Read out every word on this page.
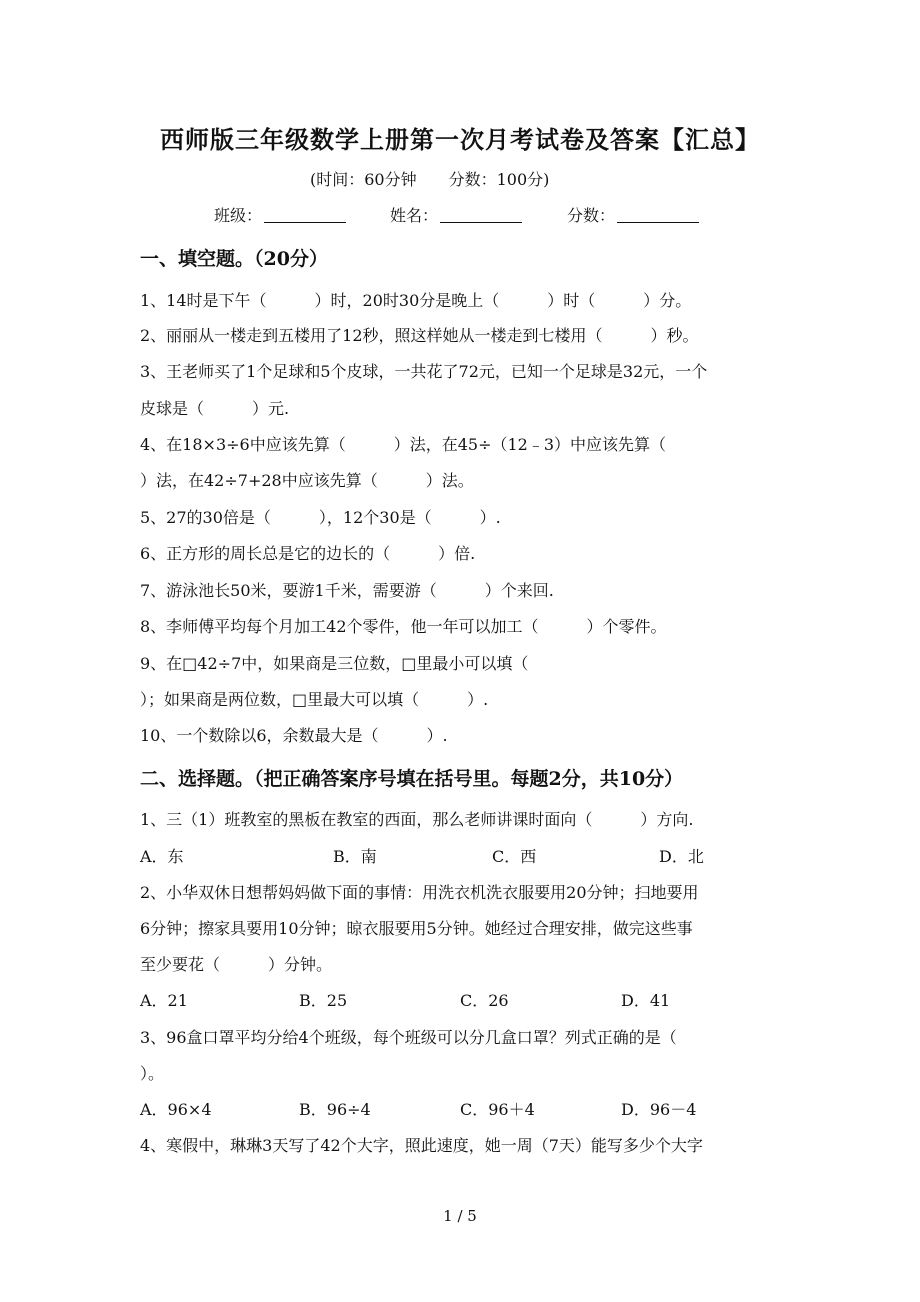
西师版三年级数学上册第一次月考试卷及答案【汇总】
(时间：60分钟　　分数：100分)
班级：	姓名：	分数：
一、填空题。（20分）
1、14时是下午（　　　）时，20时30分是晚上（　　　）时（　　　）分。
2、丽丽从一楼走到五楼用了12秒，照这样她从一楼走到七楼用（　　　）秒。
3、王老师买了1个足球和5个皮球，一共花了72元，已知一个足球是32元，一个
皮球是（　　　）元.
4、在18×3÷6中应该先算（　　　）法，在45÷（12﹣3）中应该先算（
）法，在42÷7+28中应该先算（　　　）法。
5、27的30倍是（　　　），12个30是（　　　）.
6、正方形的周长总是它的边长的（　　　）倍.
7、游泳池长50米，要游1千米，需要游（　　　）个来回.
8、李师傅平均每个月加工42个零件，他一年可以加工（　　　）个零件。
9、在□42÷7中，如果商是三位数，□里最小可以填（
）；如果商是两位数，□里最大可以填（　　　）.
10、一个数除以6，余数最大是（　　　）.
二、选择题。（把正确答案序号填在括号里。每题2分，共10分）
1、三（1）班教室的黑板在教室的西面，那么老师讲课时面向（　　　）方向.
A．东	B．南	C．西	D．北
2、小华双休日想帮妈妈做下面的事情：用洗衣机洗衣服要用20分钟；扫地要用
6分钟；擦家具要用10分钟；晾衣服要用5分钟。她经过合理安排，做完这些事
至少要花（　　　）分钟。
A．21	B．25	C．26	D．41
3、96盒口罩平均分给4个班级，每个班级可以分几盒口罩？列式正确的是（
）。
A．96×4	B．96÷4	C．96＋4	D．96－4
4、寒假中，琳琳3天写了42个大字，照此速度，她一周（7天）能写多少个大字
1 / 5
